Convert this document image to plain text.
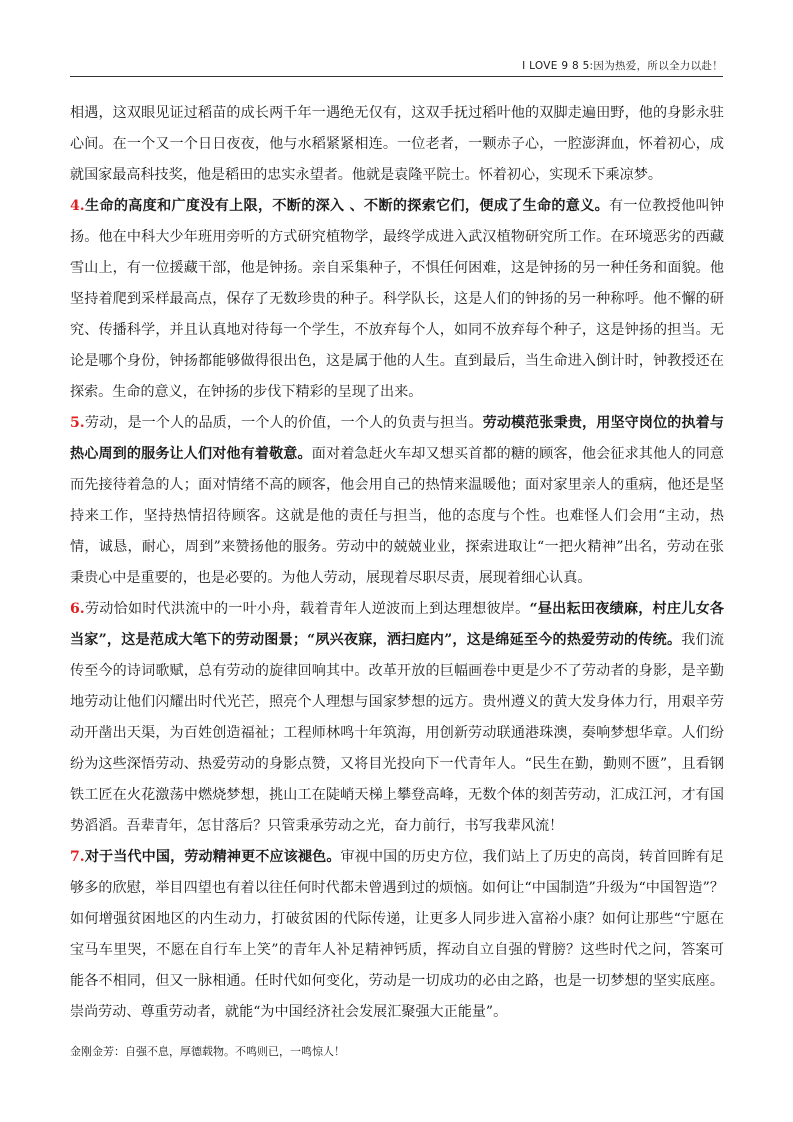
I LOVE 9 8 5:因为热爱，所以全力以赴！

相遇，这双眼见证过稻苗的成长两千年一遇绝无仅有，这双手抚过稻叶他的双脚走遍田野，他的身影永驻心间。在一个又一个日日夜夜，他与水稻紧紧相连。一位老者，一颗赤子心，一腔澎湃血，怀着初心，成就国家最高科技奖，他是稻田的忠实永望者。他就是袁隆平院士。怀着初心，实现禾下乘凉梦。

4.生命的高度和广度没有上限，不断的深入 、不断的探索它们，便成了生命的意义。有一位教授他叫钟扬。他在中科大少年班用旁听的方式研究植物学，最终学成进入武汉植物研究所工作。在环境恶劣的西藏雪山上，有一位援藏干部，他是钟扬。亲自采集种子，不惧任何困难，这是钟扬的另一种任务和面貌。他坚持着爬到采样最高点，保存了无数珍贵的种子。科学队长，这是人们的钟扬的另一种称呼。他不懈的研究、传播科学，并且认真地对待每一个学生，不放弃每个人，如同不放弃每个种子，这是钟扬的担当。无论是哪个身份，钟扬都能够做得很出色，这是属于他的人生。直到最后，当生命进入倒计时，钟教授还在探索。生命的意义，在钟扬的步伐下精彩的呈现了出来。

5.劳动，是一个人的品质，一个人的价值，一个人的负责与担当。劳动模范张秉贵，用坚守岗位的执着与热心周到的服务让人们对他有着敬意。面对着急赶火车却又想买首都的糖的顾客，他会征求其他人的同意而先接待着急的人；面对情绪不高的顾客，他会用自己的热情来温暖他；面对家里亲人的重病，他还是坚持来工作，坚持热情招待顾客。这就是他的责任与担当，他的态度与个性。也难怪人们会用“主动，热情，诚恳，耐心，周到”来赞扬他的服务。劳动中的兢兢业业，探索进取让“一把火精神”出名，劳动在张秉贵心中是重要的，也是必要的。为他人劳动，展现着尽职尽责，展现着细心认真。

6.劳动恰如时代洪流中的一叶小舟，载着青年人逆波而上到达理想彼岸。“昼出耘田夜绩麻，村庄儿女各当家”，这是范成大笔下的劳动图景；“夙兴夜寐，洒扫庭内”，这是绵延至今的热爱劳动的传统。我们流传至今的诗词歌赋，总有劳动的旋律回响其中。改革开放的巨幅画卷中更是少不了劳动者的身影，是辛勤地劳动让他们闪耀出时代光芒，照亮个人理想与国家梦想的远方。贵州遵义的黄大发身体力行，用艰辛劳动开凿出天渠，为百姓创造福祉；工程师林鸣十年筑海，用创新劳动联通港珠澳，奏响梦想华章。人们纷纷为这些深悟劳动、热爱劳动的身影点赞，又将目光投向下一代青年人。“民生在勤，勤则不匮”，且看钢铁工匠在火花激荡中燃烧梦想，挑山工在陡峭天梯上攀登高峰，无数个体的刻苦劳动，汇成江河，才有国势滔滔。吾辈青年，怎甘落后？只管秉承劳动之光，奋力前行，书写我辈风流！

7.对于当代中国，劳动精神更不应该褪色。审视中国的历史方位，我们站上了历史的高岗，转首回眸有足够多的欣慰，举目四望也有着以往任何时代都未曾遇到过的烦恼。如何让“中国制造”升级为“中国智造”？如何增强贫困地区的内生动力，打破贫困的代际传递，让更多人同步进入富裕小康？如何让那些“宁愿在宝马车里哭，不愿在自行车上笑”的青年人补足精神钙质，挥动自立自强的臂膀？这些时代之问，答案可能各不相同，但又一脉相通。任时代如何变化，劳动是一切成功的必由之路，也是一切梦想的坚实底座。崇尚劳动、尊重劳动者，就能“为中国经济社会发展汇聚强大正能量”。

金刚金芳：自强不息，厚德载物。不鸣则已，一鸣惊人！
